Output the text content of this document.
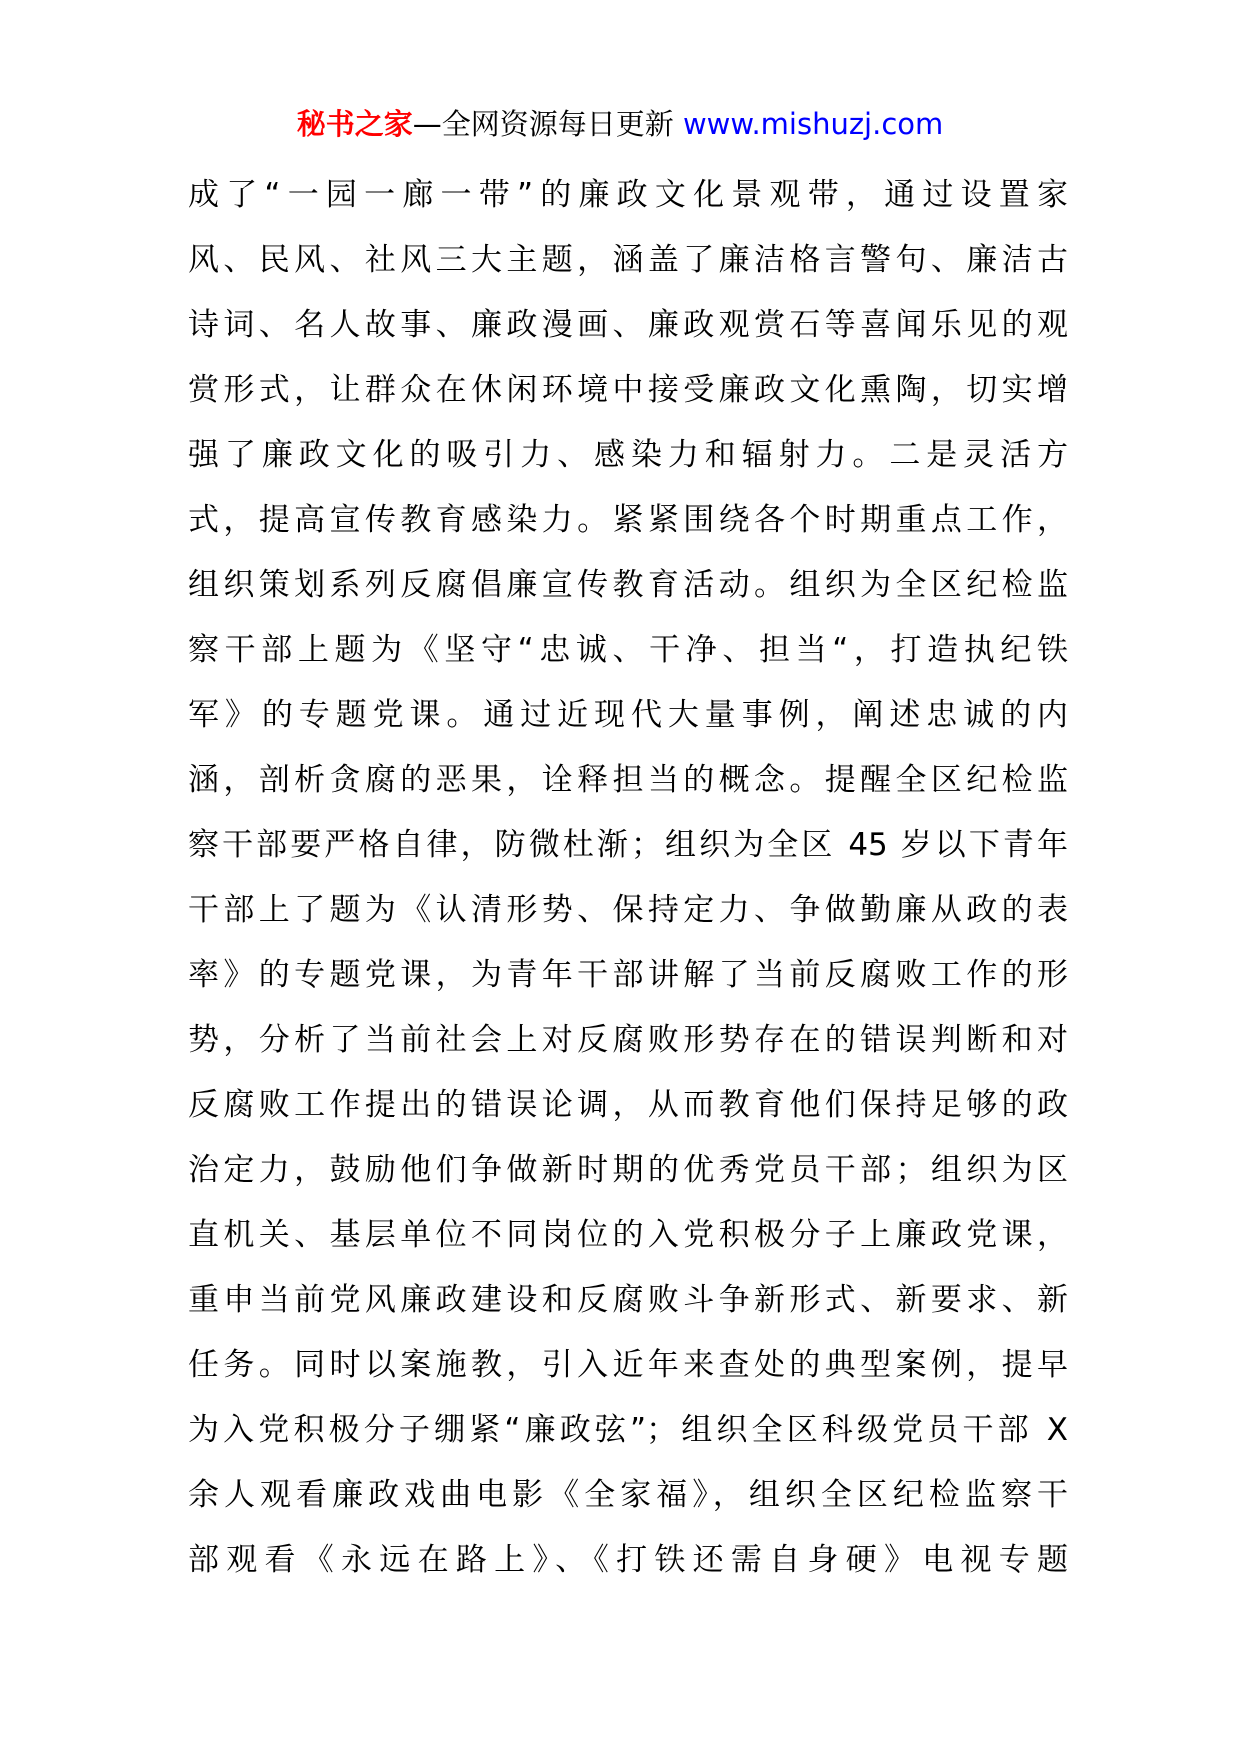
秘书之家—全网资源每日更新 www.mishuzj.com
成了“一园一廊一带”的廉政文化景观带，通过设置家
风、民风、社风三大主题，涵盖了廉洁格言警句、廉洁古
诗词、名人故事、廉政漫画、廉政观赏石等喜闻乐见的观
赏形式，让群众在休闲环境中接受廉政文化熏陶，切实增
强了廉政文化的吸引力、感染力和辐射力。二是灵活方
式，提高宣传教育感染力。紧紧围绕各个时期重点工作，
组织策划系列反腐倡廉宣传教育活动。组织为全区纪检监
察干部上题为《坚守“忠诚、干净、担当“，打造执纪铁
军》的专题党课。通过近现代大量事例，阐述忠诚的内
涵，剖析贪腐的恶果，诠释担当的概念。提醒全区纪检监
察干部要严格自律，防微杜渐；组织为全区 45 岁以下青年
干部上了题为《认清形势、保持定力、争做勤廉从政的表
率》的专题党课，为青年干部讲解了当前反腐败工作的形
势，分析了当前社会上对反腐败形势存在的错误判断和对
反腐败工作提出的错误论调，从而教育他们保持足够的政
治定力，鼓励他们争做新时期的优秀党员干部；组织为区
直机关、基层单位不同岗位的入党积极分子上廉政党课，
重申当前党风廉政建设和反腐败斗争新形式、新要求、新
任务。同时以案施教，引入近年来查处的典型案例，提早
为入党积极分子绷紧“廉政弦”；组织全区科级党员干部 X
余人观看廉政戏曲电影《全家福》，组织全区纪检监察干
部观看《永远在路上》、《打铁还需自身硬》电视专题
